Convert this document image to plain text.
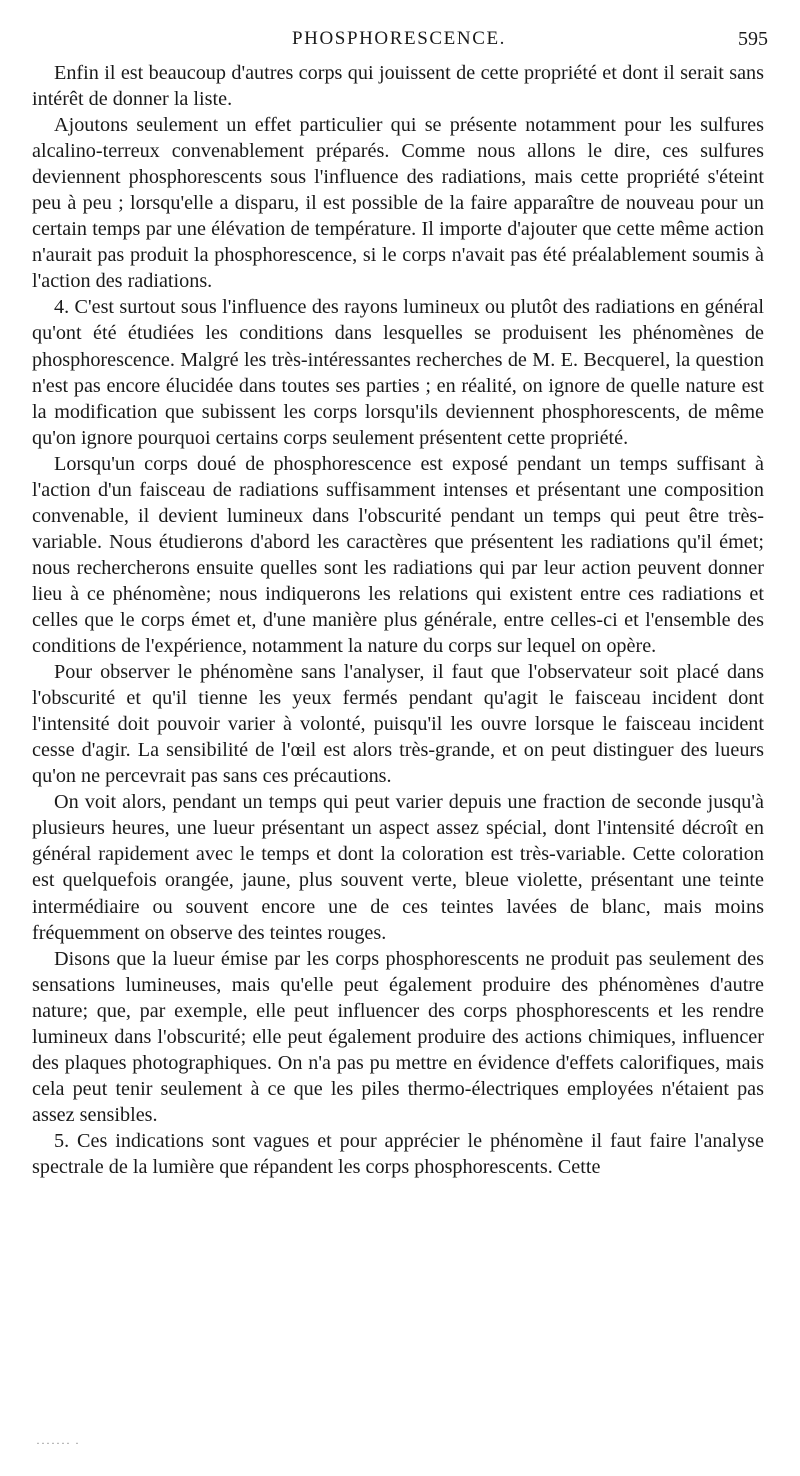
PHOSPHORESCENCE.	595

Enfin il est beaucoup d'autres corps qui jouissent de cette propriété et dont il serait sans intérêt de donner la liste.

Ajoutons seulement un effet particulier qui se présente notamment pour les sulfures alcalino-terreux convenablement préparés. Comme nous allons le dire, ces sulfures deviennent phosphorescents sous l'influence des radiations, mais cette propriété s'éteint peu à peu ; lorsqu'elle a disparu, il est possible de la faire apparaître de nouveau pour un certain temps par une élévation de température. Il importe d'ajouter que cette même action n'aurait pas produit la phosphorescence, si le corps n'avait pas été préalablement soumis à l'action des radiations.

4. C'est surtout sous l'influence des rayons lumineux ou plutôt des radiations en général qu'ont été étudiées les conditions dans lesquelles se produisent les phénomènes de phosphorescence. Malgré les très-intéressantes recherches de M. E. Becquerel, la question n'est pas encore élucidée dans toutes ses parties ; en réalité, on ignore de quelle nature est la modification que subissent les corps lorsqu'ils deviennent phosphorescents, de même qu'on ignore pourquoi certains corps seulement présentent cette propriété.

Lorsqu'un corps doué de phosphorescence est exposé pendant un temps suffisant à l'action d'un faisceau de radiations suffisamment intenses et présentant une composition convenable, il devient lumineux dans l'obscurité pendant un temps qui peut être très-variable. Nous étudierons d'abord les caractères que présentent les radiations qu'il émet; nous rechercherons ensuite quelles sont les radiations qui par leur action peuvent donner lieu à ce phénomène; nous indiquerons les relations qui existent entre ces radiations et celles que le corps émet et, d'une manière plus générale, entre celles-ci et l'ensemble des conditions de l'expérience, notamment la nature du corps sur lequel on opère.

Pour observer le phénomène sans l'analyser, il faut que l'observateur soit placé dans l'obscurité et qu'il tienne les yeux fermés pendant qu'agit le faisceau incident dont l'intensité doit pouvoir varier à volonté, puisqu'il les ouvre lorsque le faisceau incident cesse d'agir. La sensibilité de l'œil est alors très-grande, et on peut distinguer des lueurs qu'on ne percevrait pas sans ces précautions.

On voit alors, pendant un temps qui peut varier depuis une fraction de seconde jusqu'à plusieurs heures, une lueur présentant un aspect assez spécial, dont l'intensité décroît en général rapidement avec le temps et dont la coloration est très-variable. Cette coloration est quelquefois orangée, jaune, plus souvent verte, bleue violette, présentant une teinte intermédiaire ou souvent encore une de ces teintes lavées de blanc, mais moins fréquemment on observe des teintes rouges.

Disons que la lueur émise par les corps phosphorescents ne produit pas seulement des sensations lumineuses, mais qu'elle peut également produire des phénomènes d'autre nature; que, par exemple, elle peut influencer des corps phosphorescents et les rendre lumineux dans l'obscurité; elle peut également produire des actions chimiques, influencer des plaques photographiques. On n'a pas pu mettre en évidence d'effets calorifiques, mais cela peut tenir seulement à ce que les piles thermo-électriques employées n'étaient pas assez sensibles.

5. Ces indications sont vagues et pour apprécier le phénomène il faut faire l'analyse spectrale de la lumière que répandent les corps phosphorescents. Cette

······· ·
